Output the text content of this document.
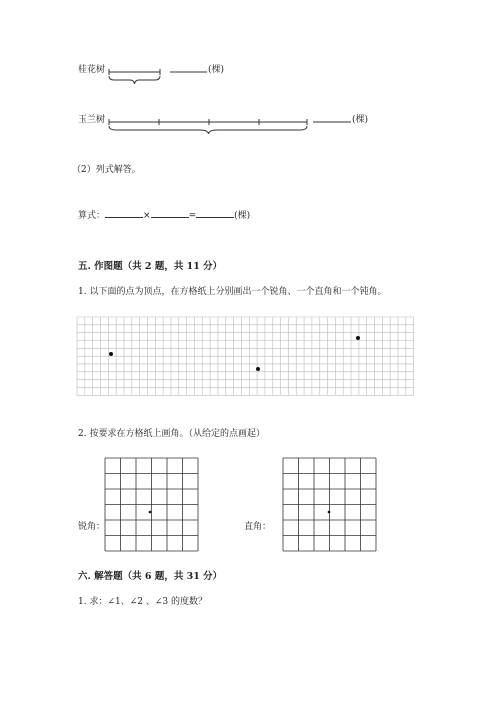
桂花树	(棵)
玉兰树	(棵)
（2）列式解答。
算式：	×	=	(棵)
五. 作图题（共 2 题，共 11 分）
1. 以下面的点为顶点，在方格纸上分别画出一个锐角、一个直角和一个钝角。
2. 按要求在方格纸上画角。（从给定的点画起）
锐角：	直角：
六. 解答题（共 6 题，共 31 分）
1. 求：∠1、∠2 、∠3 的度数？
